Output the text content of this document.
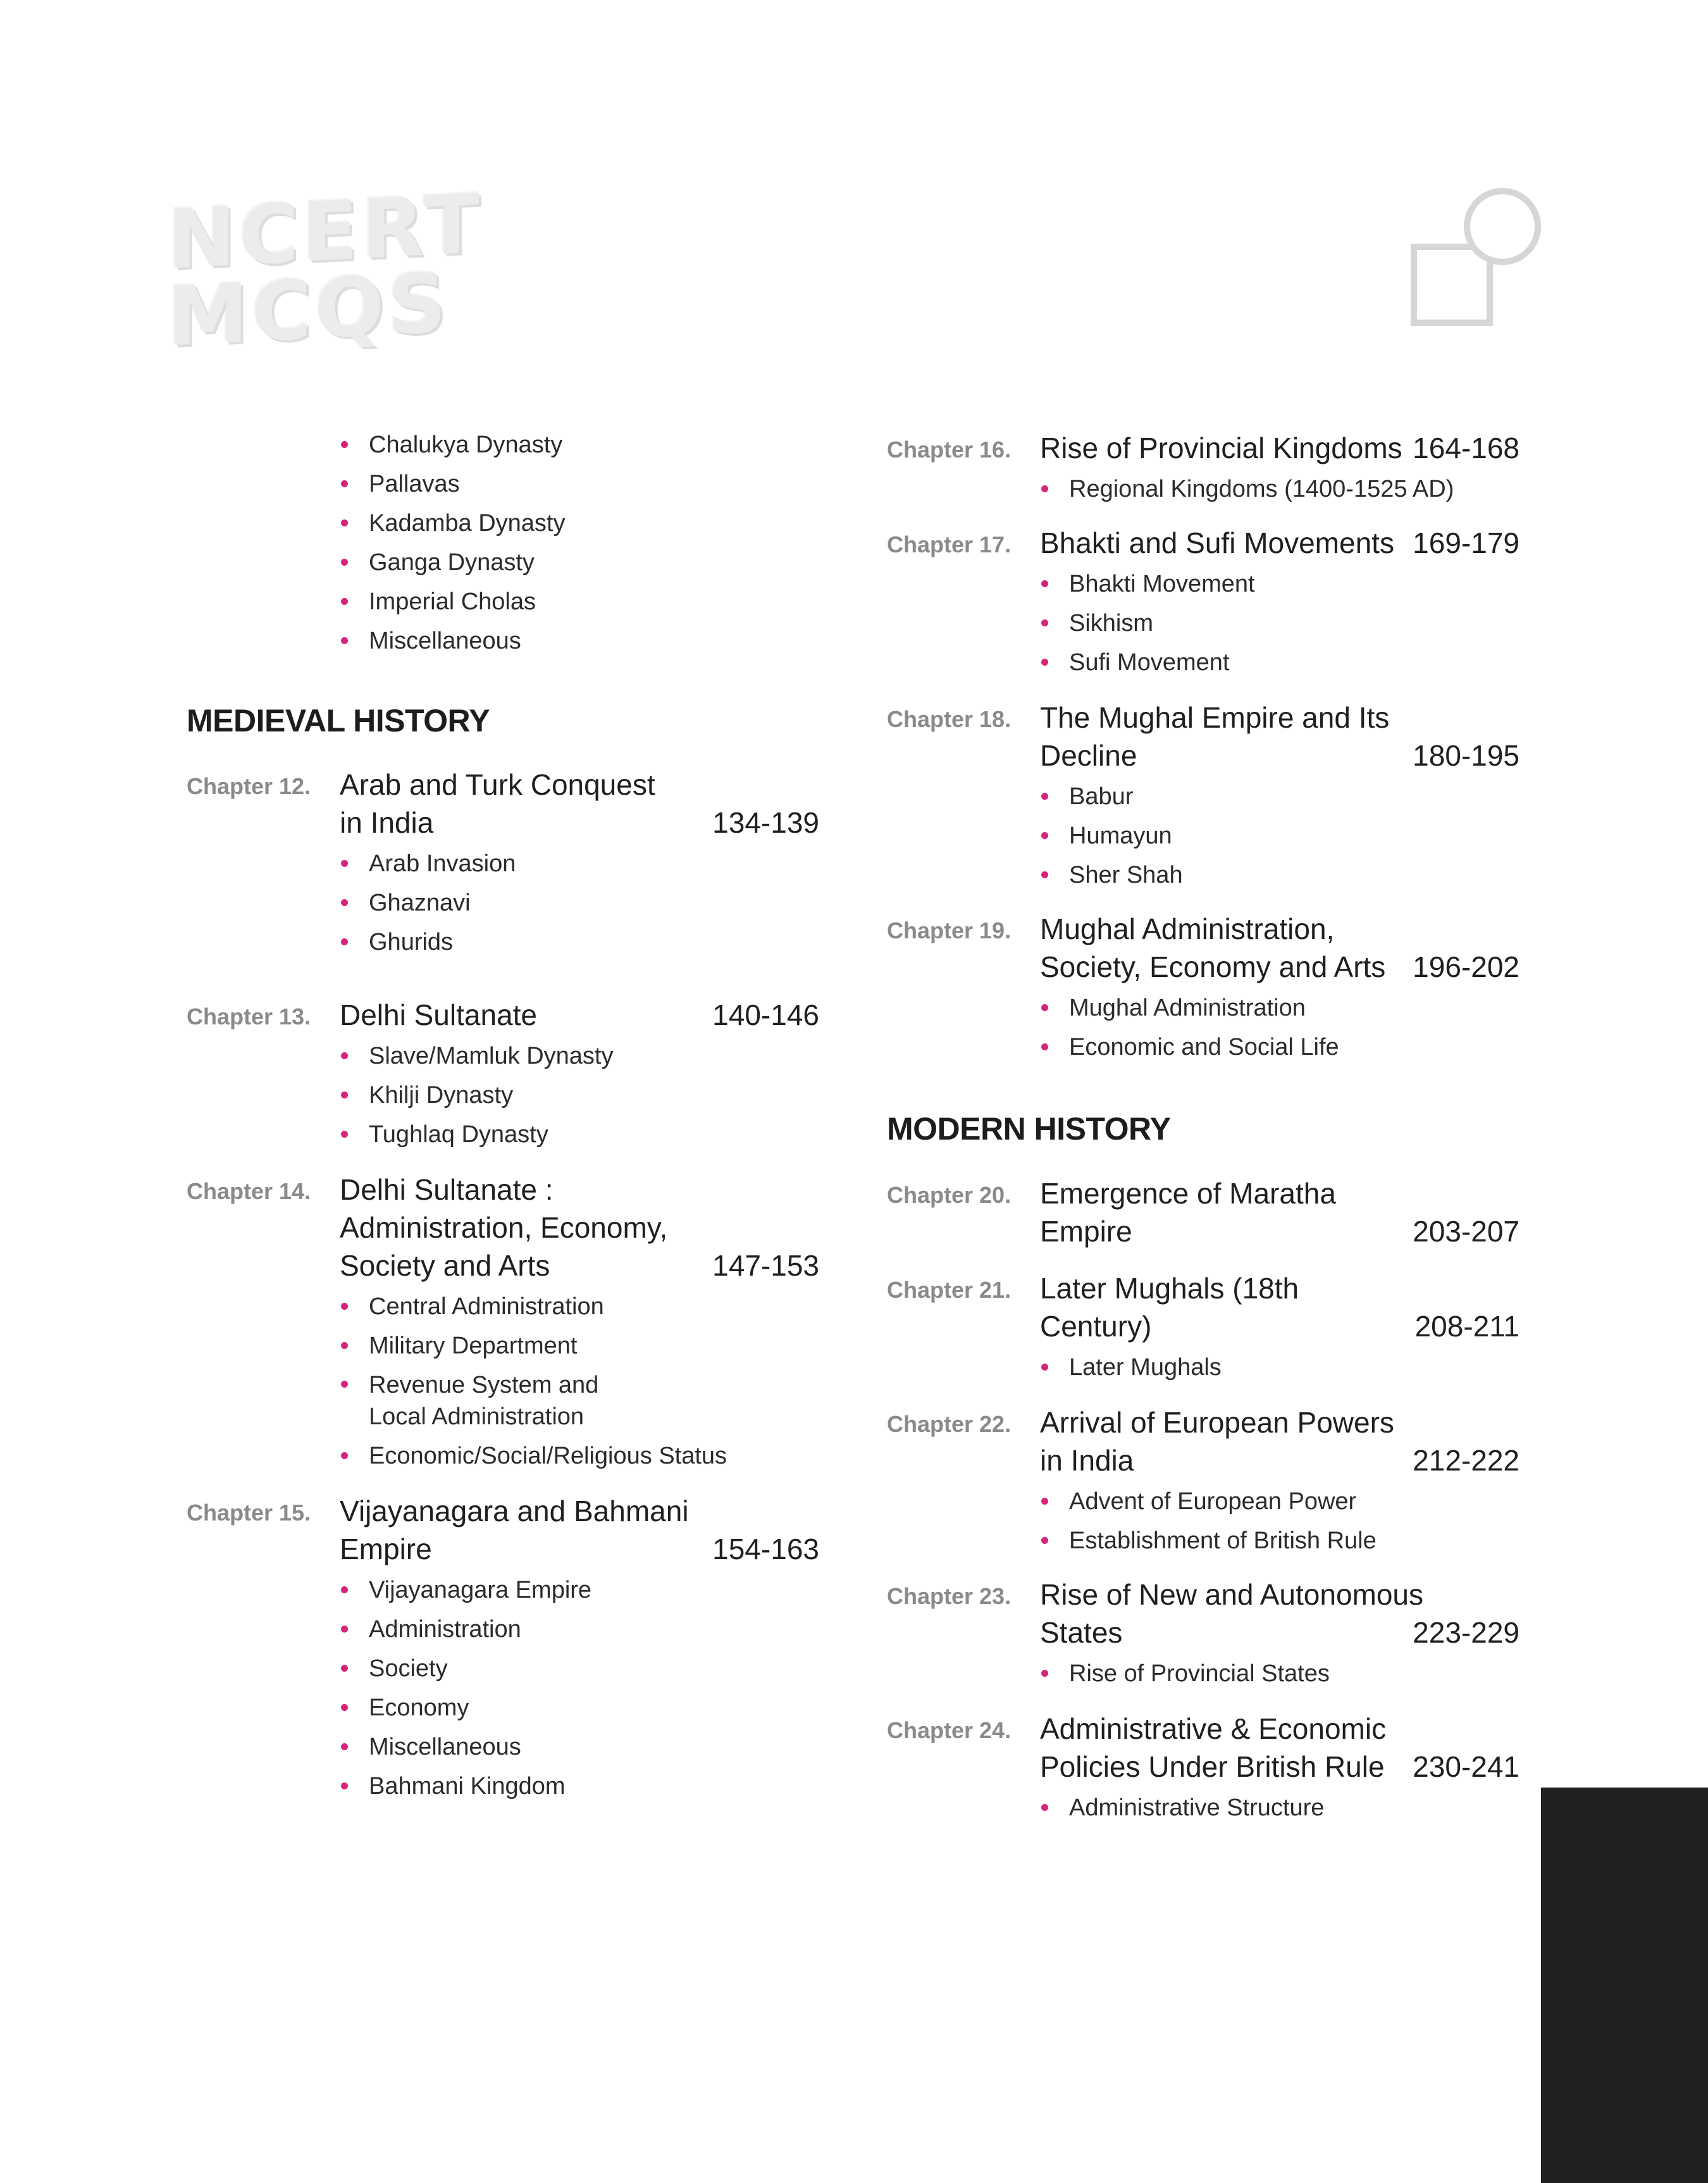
NCERT
MCQS
Chalukya Dynasty
Pallavas
Kadamba Dynasty
Ganga Dynasty
Imperial Cholas
Miscellaneous
MEDIEVAL HISTORY
Chapter 12. Arab and Turk Conquest in India	134-139
Arab Invasion
Ghaznavi
Ghurids
Chapter 13. Delhi Sultanate	140-146
Slave/Mamluk Dynasty
Khilji Dynasty
Tughlaq Dynasty
Chapter 14. Delhi Sultanate : Administration, Economy, Society and Arts	147-153
Central Administration
Military Department
Revenue System and Local Administration
Economic/Social/Religious Status
Chapter 15. Vijayanagara and Bahmani Empire	154-163
Vijayanagara Empire
Administration
Society
Economy
Miscellaneous
Bahmani Kingdom
Chapter 16. Rise of Provincial Kingdoms 164-168
Regional Kingdoms (1400-1525 AD)
Chapter 17. Bhakti and Sufi Movements 169-179
Bhakti Movement
Sikhism
Sufi Movement
Chapter 18. The Mughal Empire and Its Decline	180-195
Babur
Humayun
Sher Shah
Chapter 19. Mughal Administration, Society, Economy and Arts 196-202
Mughal Administration
Economic and Social Life
MODERN HISTORY
Chapter 20. Emergence of Maratha Empire	203-207
Chapter 21. Later Mughals (18th Century)	208-211
Later Mughals
Chapter 22. Arrival of European Powers in India	212-222
Advent of European Power
Establishment of British Rule
Chapter 23. Rise of New and Autonomous States	223-229
Rise of Provincial States
Chapter 24. Administrative & Economic Policies Under British Rule 230-241
Administrative Structure
